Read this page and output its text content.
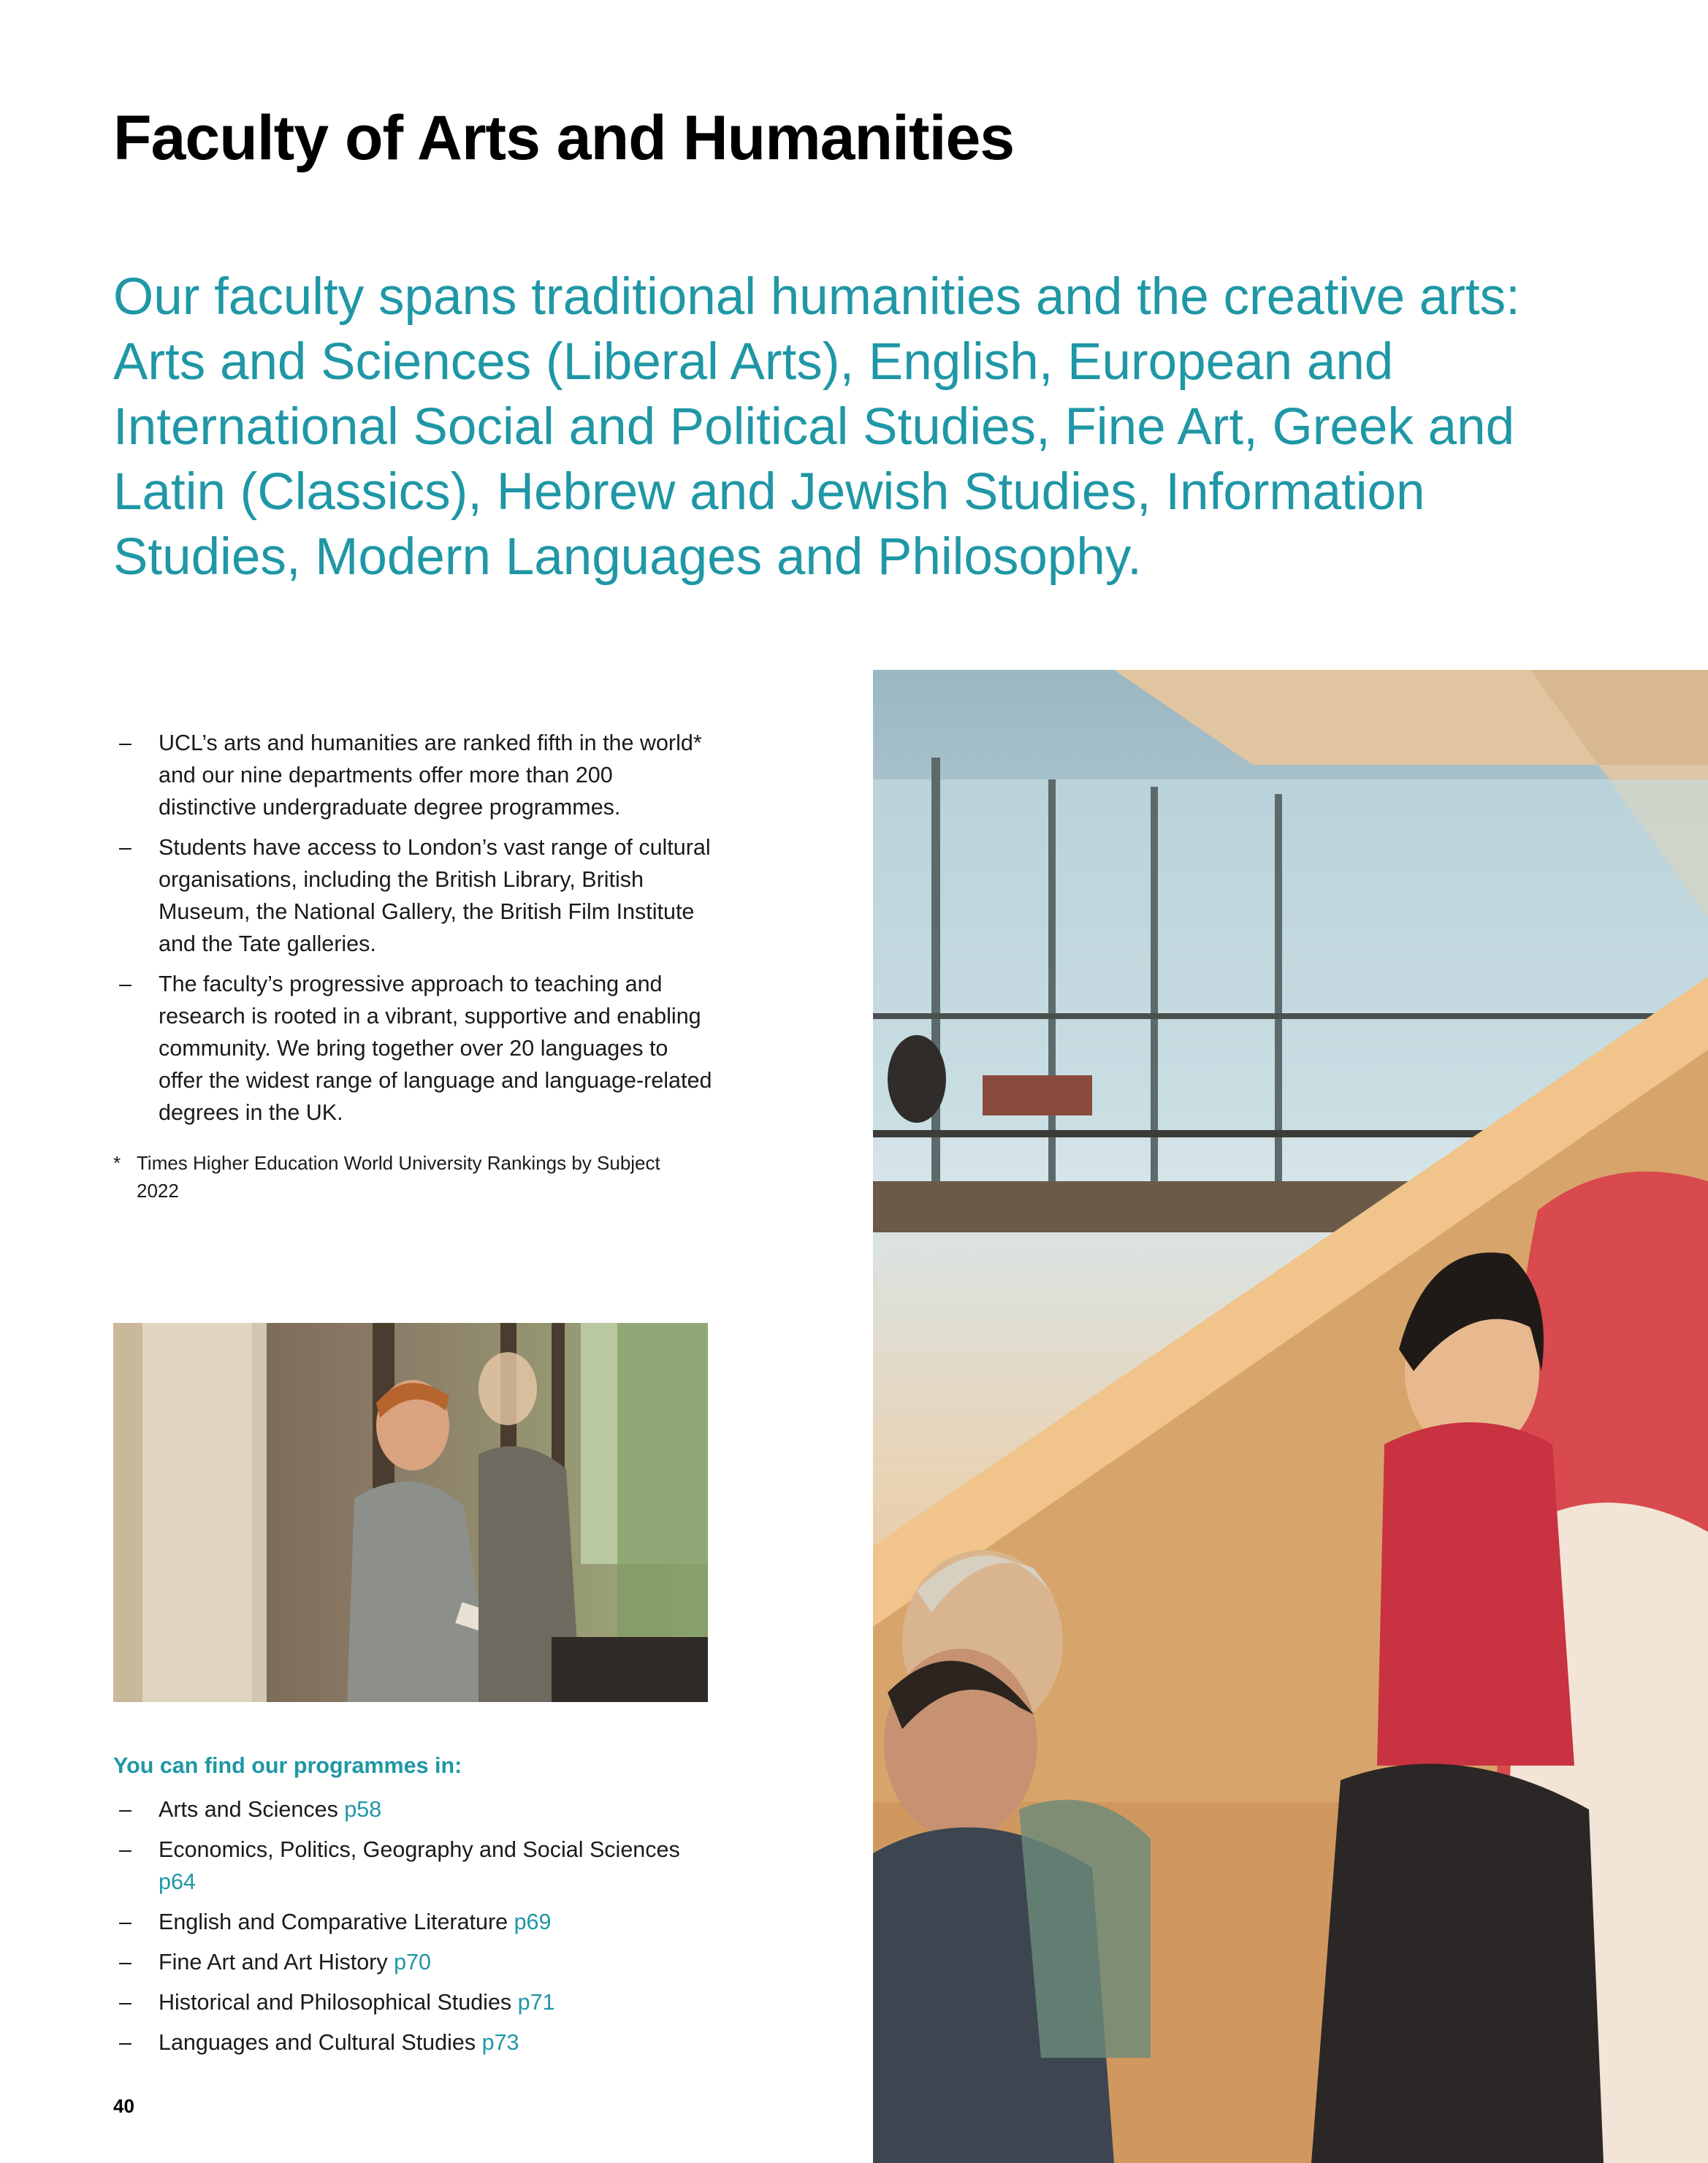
Faculty of Arts and Humanities

Our faculty spans traditional humanities and the creative arts: Arts and Sciences (Liberal Arts), English, European and International Social and Political Studies, Fine Art, Greek and Latin (Classics), Hebrew and Jewish Studies, Information Studies, Modern Languages and Philosophy.

– UCL’s arts and humanities are ranked fifth in the world* and our nine departments offer more than 200 distinctive undergraduate degree programmes.
– Students have access to London’s vast range of cultural organisations, including the British Library, British Museum, the National Gallery, the British Film Institute and the Tate galleries.
– The faculty’s progressive approach to teaching and research is rooted in a vibrant, supportive and enabling community. We bring together over 20 languages to offer the widest range of language and language-related degrees in the UK.
* Times Higher Education World University Rankings by Subject 2022
You can find our programmes in:
– Arts and Sciences p58
– Economics, Politics, Geography and Social Sciences p64
– English and Comparative Literature p69
– Fine Art and Art History p70
– Historical and Philosophical Studies p71
– Languages and Cultural Studies p73
40
